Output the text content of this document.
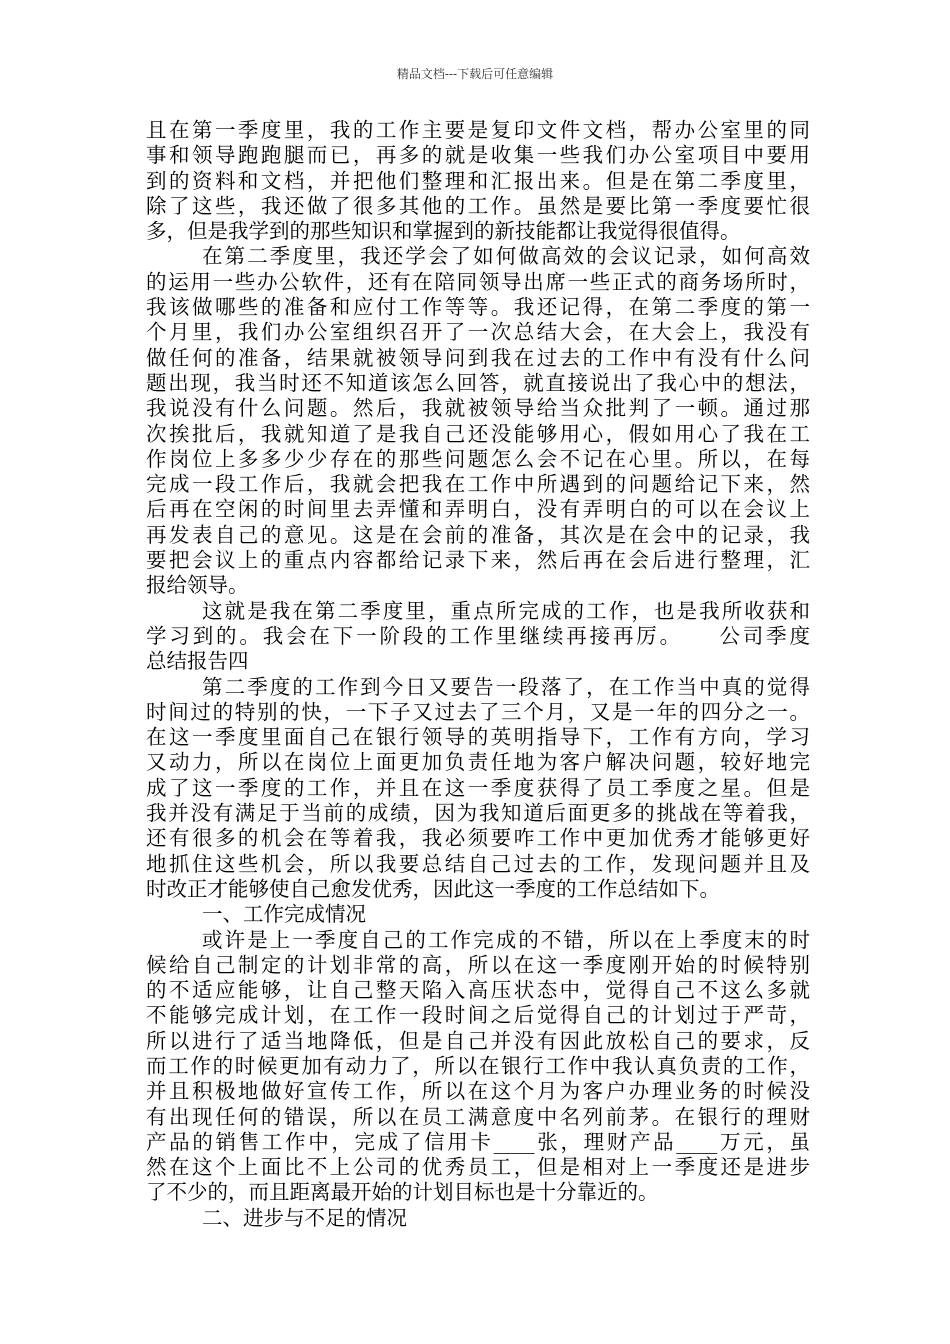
精品文档---下载后可任意编辑
且在第一季度里，我的工作主要是复印文件文档，帮办公室里的同
事和领导跑跑腿而已，再多的就是收集一些我们办公室项目中要用
到的资料和文档，并把他们整理和汇报出来。但是在第二季度里，
除了这些，我还做了很多其他的工作。虽然是要比第一季度要忙很
多，但是我学到的那些知识和掌握到的新技能都让我觉得很值得。
在第二季度里，我还学会了如何做高效的会议记录，如何高效
的运用一些办公软件，还有在陪同领导出席一些正式的商务场所时，
我该做哪些的准备和应付工作等等。我还记得，在第二季度的第一
个月里，我们办公室组织召开了一次总结大会，在大会上，我没有
做任何的准备，结果就被领导问到我在过去的工作中有没有什么问
题出现，我当时还不知道该怎么回答，就直接说出了我心中的想法，
我说没有什么问题。然后，我就被领导给当众批判了一顿。通过那
次挨批后，我就知道了是我自己还没能够用心，假如用心了我在工
作岗位上多多少少存在的那些问题怎么会不记在心里。所以，在每
完成一段工作后，我就会把我在工作中所遇到的问题给记下来，然
后再在空闲的时间里去弄懂和弄明白，没有弄明白的可以在会议上
再发表自己的意见。这是在会前的准备，其次是在会中的记录，我
要把会议上的重点内容都给记录下来，然后再在会后进行整理，汇
报给领导。
这就是我在第二季度里，重点所完成的工作，也是我所收获和
学习到的。我会在下一阶段的工作里继续再接再厉。　　公司季度
总结报告四
第二季度的工作到今日又要告一段落了，在工作当中真的觉得
时间过的特别的快，一下子又过去了三个月，又是一年的四分之一。
在这一季度里面自己在银行领导的英明指导下，工作有方向，学习
又动力，所以在岗位上面更加负责任地为客户解决问题，较好地完
成了这一季度的工作，并且在这一季度获得了员工季度之星。但是
我并没有满足于当前的成绩，因为我知道后面更多的挑战在等着我，
还有很多的机会在等着我，我必须要咋工作中更加优秀才能够更好
地抓住这些机会，所以我要总结自己过去的工作，发现问题并且及
时改正才能够使自己愈发优秀，因此这一季度的工作总结如下。
一、工作完成情况
或许是上一季度自己的工作完成的不错，所以在上季度末的时
候给自己制定的计划非常的高，所以在这一季度刚开始的时候特别
的不适应能够，让自己整天陷入高压状态中，觉得自己不这么多就
不能够完成计划，在工作一段时间之后觉得自己的计划过于严苛，
所以进行了适当地降低，但是自己并没有因此放松自己的要求，反
而工作的时候更加有动力了，所以在银行工作中我认真负责的工作，
并且积极地做好宣传工作，所以在这个月为客户办理业务的时候没
有出现任何的错误，所以在员工满意度中名列前茅。在银行的理财
产品的销售工作中，完成了信用卡____张，理财产品____万元，虽
然在这个上面比不上公司的优秀员工，但是相对上一季度还是进步
了不少的，而且距离最开始的计划目标也是十分靠近的。
二、进步与不足的情况
